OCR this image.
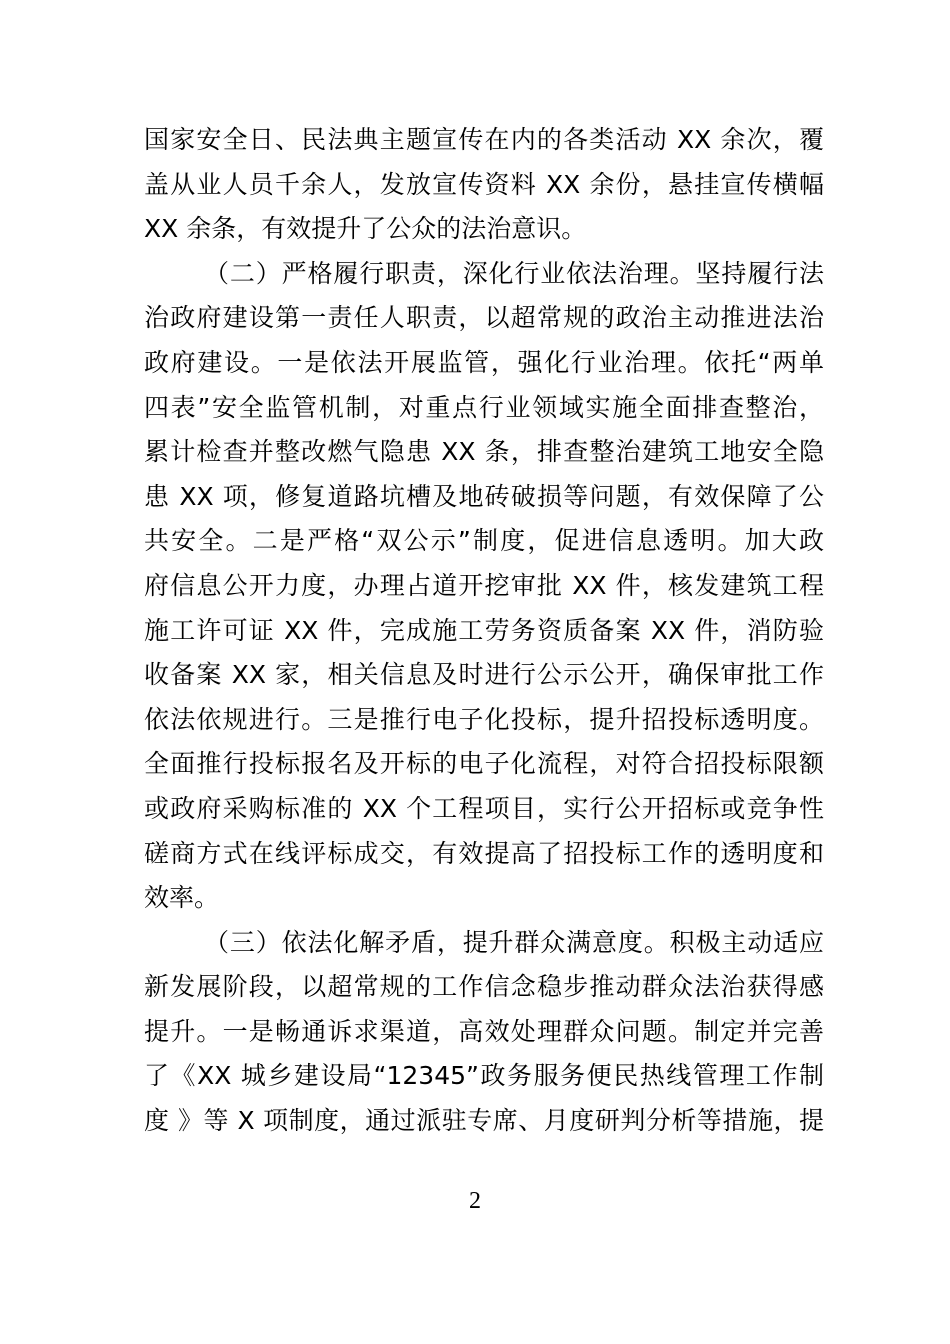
国家安全日、民法典主题宣传在内的各类活动 XX 余次，覆
盖从业人员千余人，发放宣传资料 XX 余份，悬挂宣传横幅
XX 余条，有效提升了公众的法治意识。
（二）严格履行职责，深化行业依法治理。坚持履行法
治政府建设第一责任人职责，以超常规的政治主动推进法治
政府建设。一是依法开展监管，强化行业治理。依托“两单
四表”安全监管机制，对重点行业领域实施全面排查整治，
累计检查并整改燃气隐患 XX 条，排查整治建筑工地安全隐
患 XX 项，修复道路坑槽及地砖破损等问题，有效保障了公
共安全。二是严格“双公示”制度，促进信息透明。加大政
府信息公开力度，办理占道开挖审批 XX 件，核发建筑工程
施工许可证 XX 件，完成施工劳务资质备案 XX 件，消防验
收备案 XX 家，相关信息及时进行公示公开，确保审批工作
依法依规进行。三是推行电子化投标，提升招投标透明度。
全面推行投标报名及开标的电子化流程，对符合招投标限额
或政府采购标准的 XX 个工程项目，实行公开招标或竞争性
磋商方式在线评标成交，有效提高了招投标工作的透明度和
效率。
（三）依法化解矛盾，提升群众满意度。积极主动适应
新发展阶段，以超常规的工作信念稳步推动群众法治获得感
提升。一是畅通诉求渠道，高效处理群众问题。制定并完善
了《XX 城乡建设局“12345”政务服务便民热线管理工作制
度 》等 X 项制度，通过派驻专席、月度研判分析等措施，提
2
